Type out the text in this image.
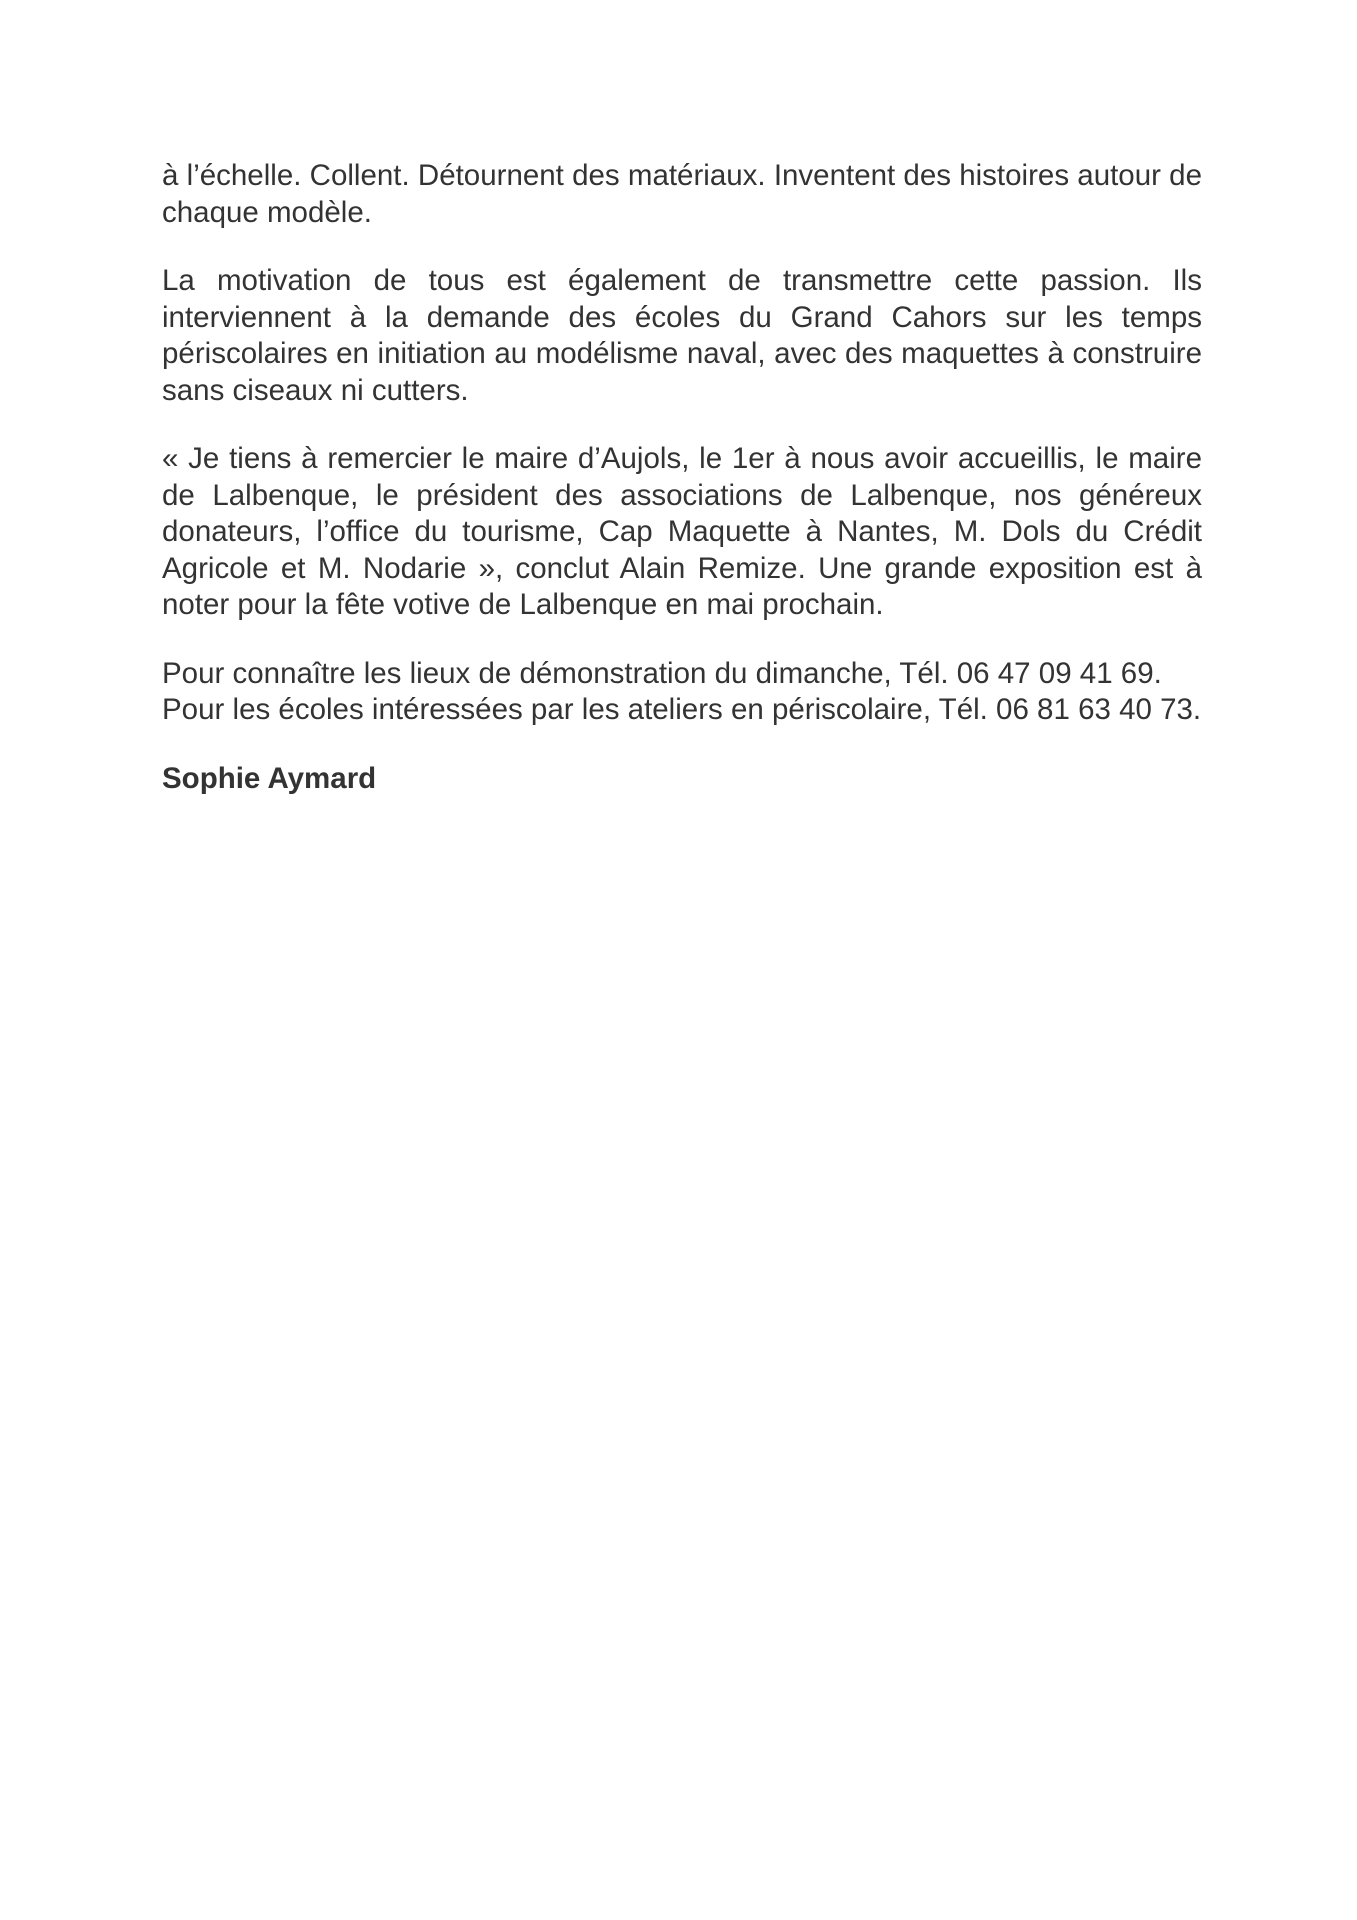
à l’échelle. Collent. Détournent des matériaux. Inventent des histoires autour de chaque modèle.

La motivation de tous est également de transmettre cette passion. Ils interviennent à la demande des écoles du Grand Cahors sur les temps périscolaires en initiation au modélisme naval, avec des maquettes à construire sans ciseaux ni cutters.

« Je tiens à remercier le maire d’Aujols, le 1er à nous avoir accueillis, le maire de Lalbenque, le président des associations de Lalbenque, nos généreux donateurs, l’office du tourisme, Cap Maquette à Nantes, M. Dols du Crédit Agricole et M. Nodarie », conclut Alain Remize. Une grande exposition est à noter pour la fête votive de Lalbenque en mai prochain.

Pour connaître les lieux de démonstration du dimanche, Tél. 06 47 09 41 69.
Pour les écoles intéressées par les ateliers en périscolaire, Tél. 06 81 63 40 73.

Sophie Aymard
